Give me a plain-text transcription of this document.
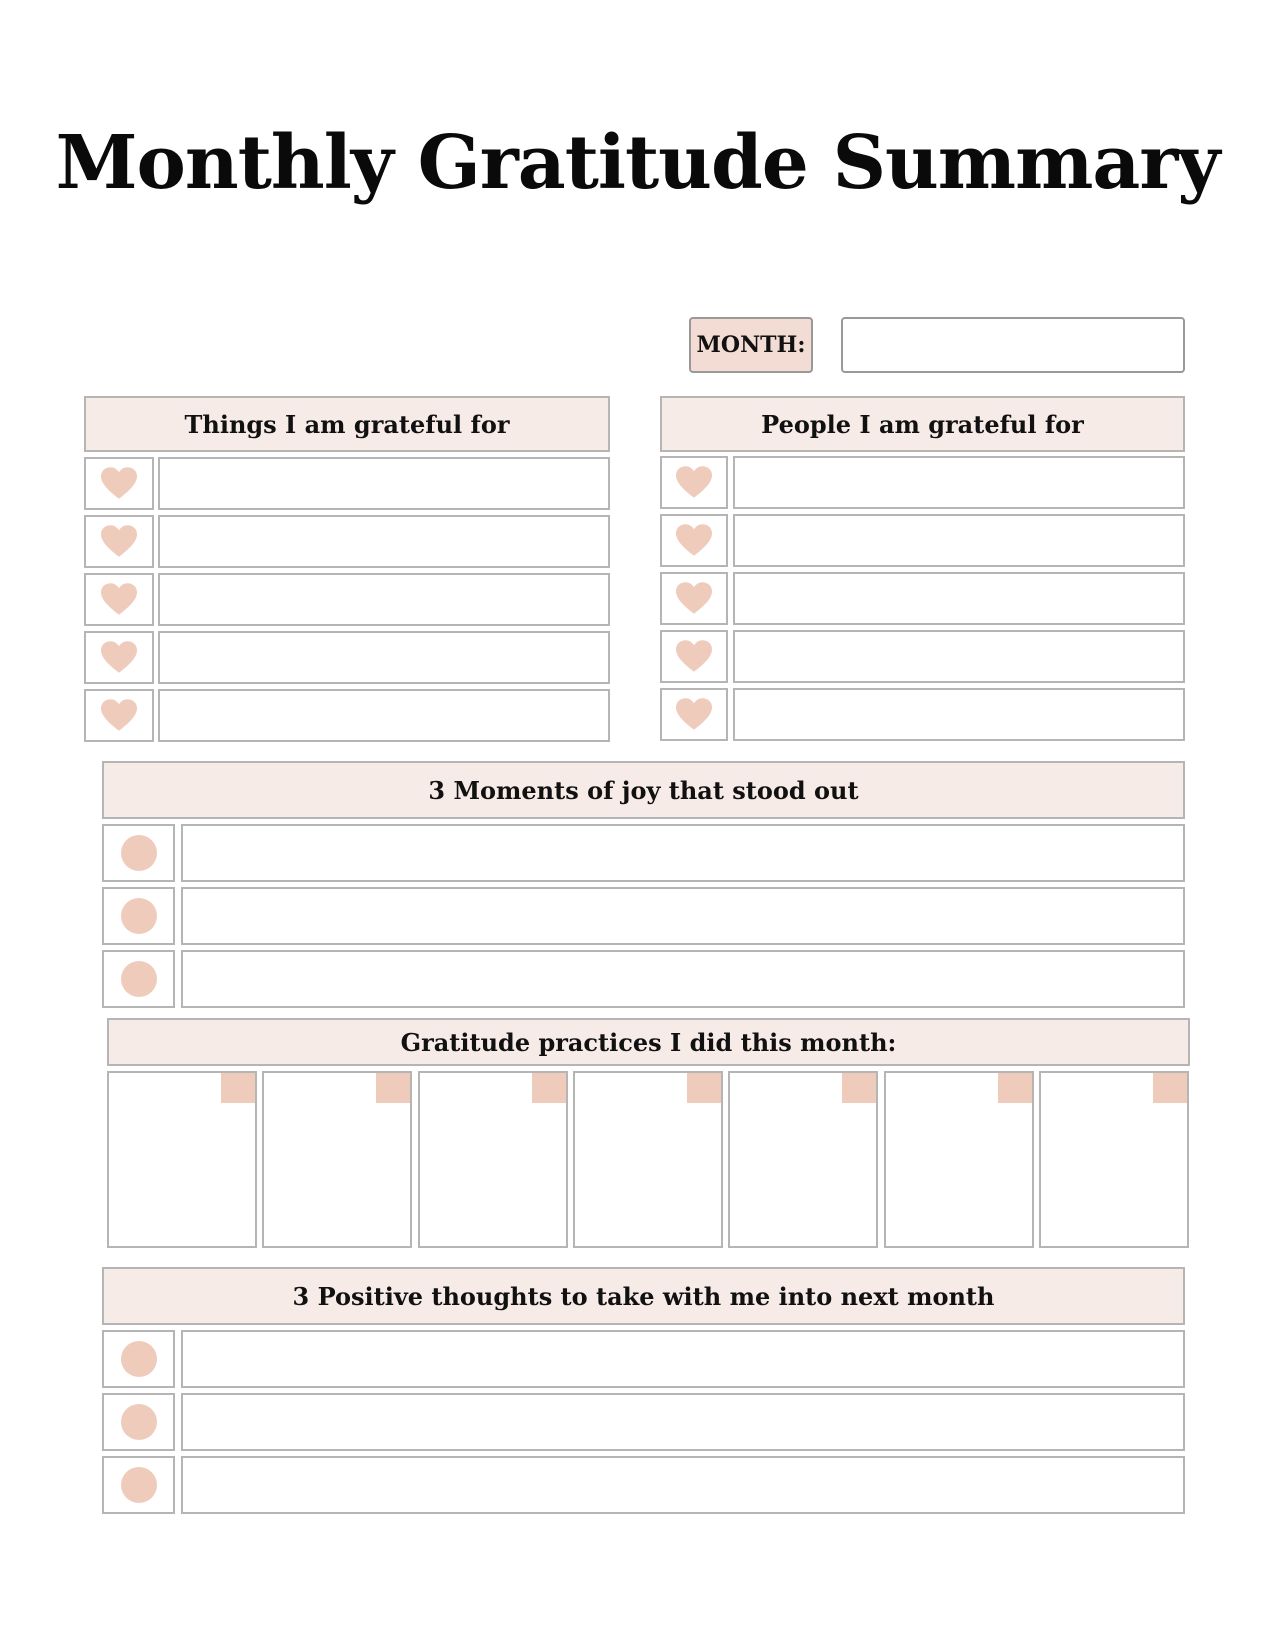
Monthly Gratitude Summary
MONTH:
Things I am grateful for	People I am grateful for
3 Moments of joy that stood out
Gratitude practices I did this month:
3 Positive thoughts to take with me into next month
